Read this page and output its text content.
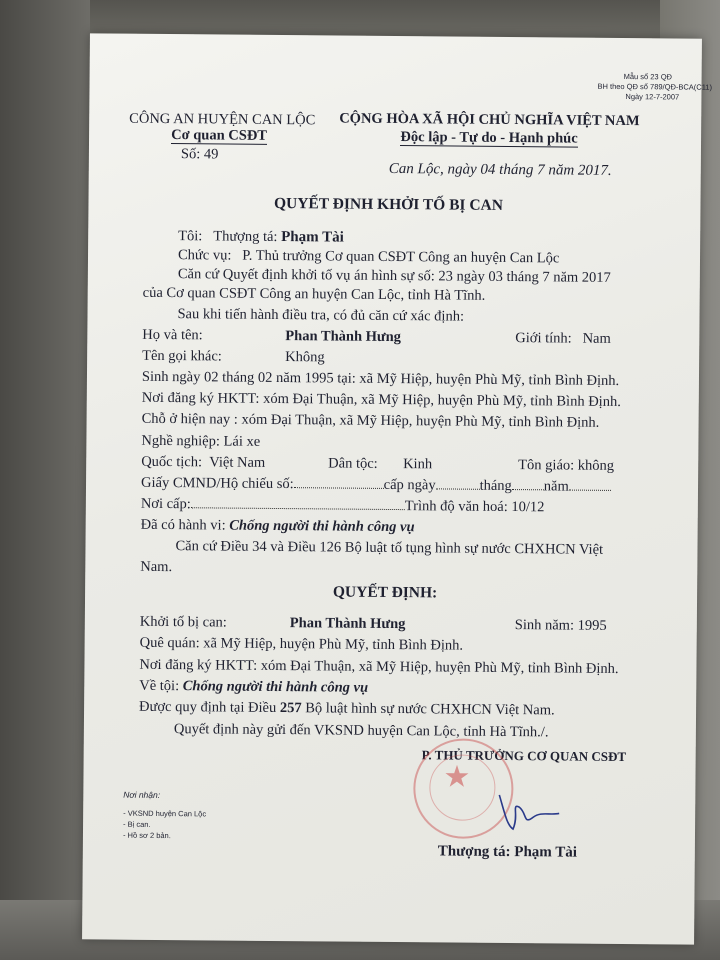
Mẫu số 23 QĐ
BH theo QĐ số 789/QĐ-BCA(C11)
Ngày 12-7-2007
CÔNG AN HUYỆN CAN LỘC
Cơ quan CSĐT
Số: 49
CỘNG HÒA XÃ HỘI CHỦ NGHĨA VIỆT NAM
Độc lập - Tự do - Hạnh phúc
Can Lộc, ngày 04 tháng 7 năm 2017.
QUYẾT ĐỊNH KHỞI TỐ BỊ CAN
Tôi: Thượng tá: Phạm Tài
Chức vụ: P. Thủ trưởng Cơ quan CSĐT Công an huyện Can Lộc
Căn cứ Quyết định khởi tố vụ án hình sự số: 23 ngày 03 tháng 7 năm 2017
của Cơ quan CSĐT Công an huyện Can Lộc, tỉnh Hà Tĩnh.
Sau khi tiến hành điều tra, có đủ căn cứ xác định:
Họ và tên:	Phan Thành Hưng	Giới tính: Nam
Tên gọi khác:	Không
Sinh ngày 02 tháng 02 năm 1995 tại: xã Mỹ Hiệp, huyện Phù Mỹ, tỉnh Bình Định.
Nơi đăng ký HKTT: xóm Đại Thuận, xã Mỹ Hiệp, huyện Phù Mỹ, tỉnh Bình Định.
Chỗ ở hiện nay : xóm Đại Thuận, xã Mỹ Hiệp, huyện Phù Mỹ, tỉnh Bình Định.
Nghề nghiệp: Lái xe
Quốc tịch: Việt Nam	Dân tộc: Kinh	Tôn giáo: không
Giấy CMND/Hộ chiếu số:	cấp ngày	tháng năm
Nơi cấp:	Trình độ văn hoá: 10/12
Đã có hành vi: Chống người thi hành công vụ
Căn cứ Điều 34 và Điều 126 Bộ luật tố tụng hình sự nước CHXHCN Việt
Nam.
QUYẾT ĐỊNH:
Khởi tố bị can:	Phan Thành Hưng	Sinh năm: 1995
Quê quán: xã Mỹ Hiệp, huyện Phù Mỹ, tỉnh Bình Định.
Nơi đăng ký HKTT: xóm Đại Thuận, xã Mỹ Hiệp, huyện Phù Mỹ, tỉnh Bình Định.
Về tội: Chống người thi hành công vụ
Được quy định tại Điều 257 Bộ luật hình sự nước CHXHCN Việt Nam.
Quyết định này gửi đến VKSND huyện Can Lộc, tỉnh Hà Tĩnh./.
P. THỦ TRƯỞNG CƠ QUAN CSĐT
★
Thượng tá: Phạm Tài
Nơi nhận:
- VKSND huyện Can Lộc
- Bị can.
- Hồ sơ 2 bản.
